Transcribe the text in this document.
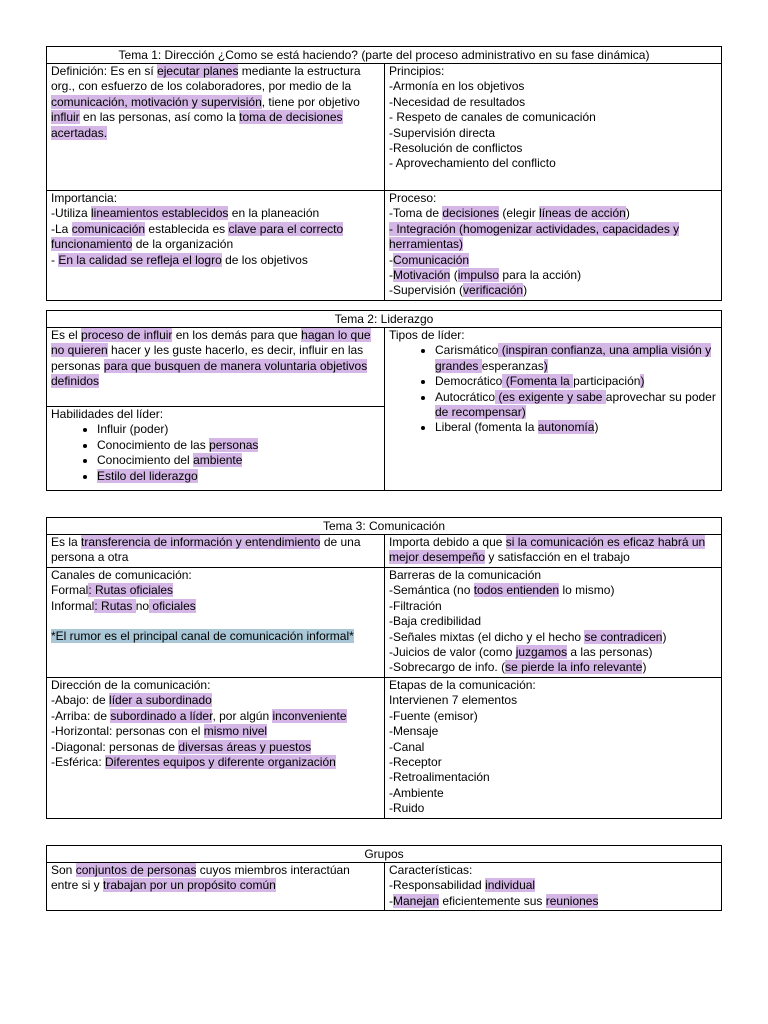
Tema 1: Dirección ¿Como se está haciendo? (parte del proceso administrativo en su fase dinámica)
Definición: Es en sí ejecutar planes mediante la estructura org., con esfuerzo de los colaboradores, por medio de la comunicación, motivación y supervisión, tiene por objetivo influir en las personas, así como la toma de decisiones acertadas.
Principios:
-Armonía en los objetivos
-Necesidad de resultados
- Respeto de canales de comunicación
-Supervisión directa
-Resolución de conflictos
- Aprovechamiento del conflicto
Importancia:
-Utiliza lineamientos establecidos en la planeación
-La comunicación establecida es clave para el correcto funcionamiento de la organización
- En la calidad se refleja el logro de los objetivos
Proceso:
-Toma de decisiones (elegir líneas de acción)
- Integración (homogenizar actividades, capacidades y herramientas)
-Comunicación
-Motivación (impulso para la acción)
-Supervisión (verificación)
Tema 2: Liderazgo
Es el proceso de influir en los demás para que hagan lo que no quieren hacer y les guste hacerlo, es decir, influir en las personas para que busquen de manera voluntaria objetivos definidos
Habilidades del líder:
• Influir (poder)
• Conocimiento de las personas
• Conocimiento del ambiente
• Estilo del liderazgo
Tipos de líder:
• Carismático (inspiran confianza, una amplia visión y grandes esperanzas)
• Democrático (Fomenta la participación)
• Autocrático (es exigente y sabe aprovechar su poder de recompensar)
• Liberal (fomenta la autonomía)
Tema 3: Comunicación
Es la transferencia de información y entendimiento de una persona a otra
Importa debido a que si la comunicación es eficaz habrá un mejor desempeño y satisfacción en el trabajo
Canales de comunicación:
Formal: Rutas oficiales
Informal: Rutas no oficiales
*El rumor es el principal canal de comunicación informal*
Barreras de la comunicación
-Semántica (no todos entienden lo mismo)
-Filtración
-Baja credibilidad
-Señales mixtas (el dicho y el hecho se contradicen)
-Juicios de valor (como juzgamos a las personas)
-Sobrecargo de info. (se pierde la info relevante)
Dirección de la comunicación:
-Abajo: de líder a subordinado
-Arriba: de subordinado a líder, por algún inconveniente
-Horizontal: personas con el mismo nivel
-Diagonal: personas de diversas áreas y puestos
-Esférica: Diferentes equipos y diferente organización
Etapas de la comunicación:
Intervienen 7 elementos
-Fuente (emisor)
-Mensaje
-Canal
-Receptor
-Retroalimentación
-Ambiente
-Ruido
Grupos
Son conjuntos de personas cuyos miembros interactúan entre si y trabajan por un propósito común
Características:
-Responsabilidad individual
-Manejan eficientemente sus reuniones
